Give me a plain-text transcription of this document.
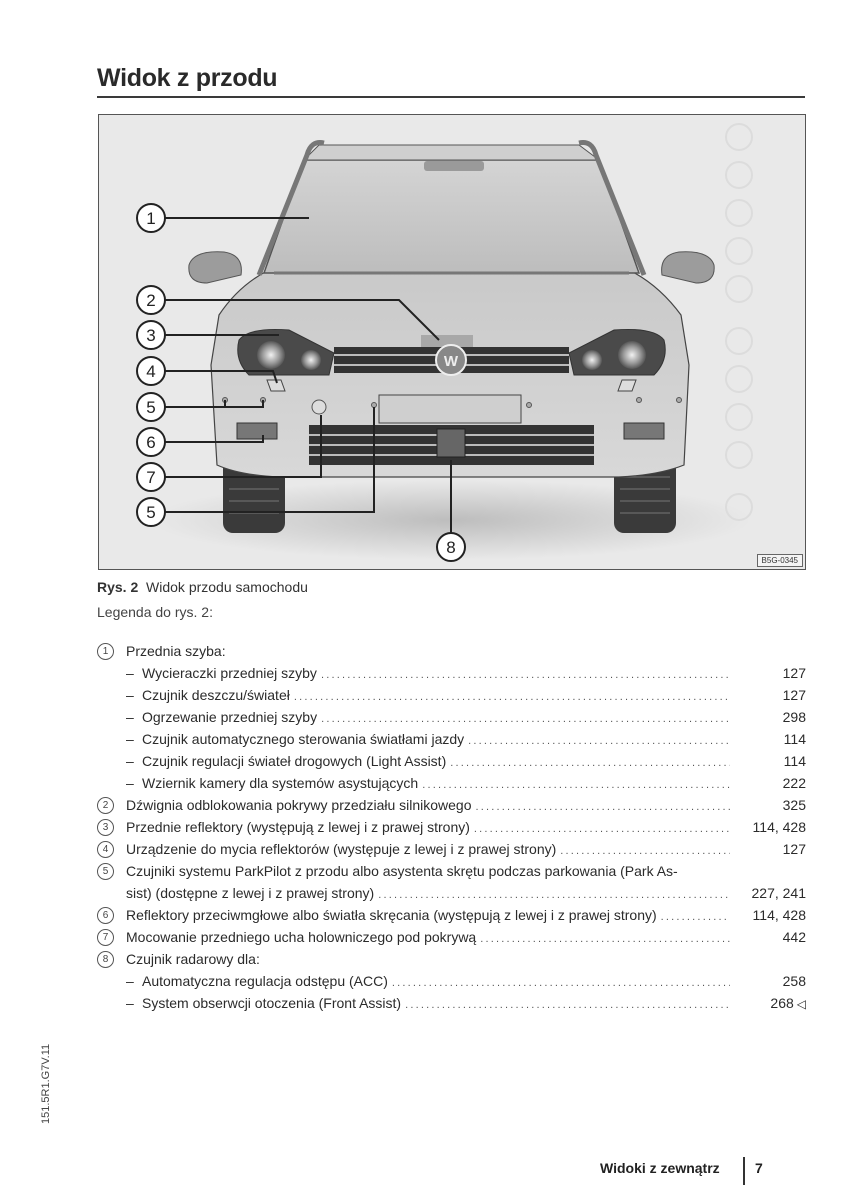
Widok z przodu
W
1
2
3
4
5
6
7
5
8
B5G-0345
Rys. 2 Widok przodu samochodu
Legenda do rys. 2:
1	Przednia szyba:
– Wycieraczki przedniej szyby .....	127
– Czujnik deszczu/świateł .....	127
– Ogrzewanie przedniej szyby .....	298
– Czujnik automatycznego sterowania światłami jazdy .....	114
– Czujnik regulacji świateł drogowych (Light Assist) .....	114
– Wziernik kamery dla systemów asystujących .....	222
2	Dźwignia odblokowania pokrywy przedziału silnikowego .....	325
3	Przednie reflektory (występują z lewej i z prawej strony) .....	114, 428
4	Urządzenie do mycia reflektorów (występuje z lewej i z prawej strony) .....	127
5	Czujniki systemu ParkPilot z przodu albo asystenta skrętu podczas parkowania (Park As-
sist) (dostępne z lewej i z prawej strony) .....	227, 241
6	Reflektory przeciwmgłowe albo światła skręcania (występują z lewej i z prawej strony) .....	114, 428
7	Mocowanie przedniego ucha holowniczego pod pokrywą .....	442
8	Czujnik radarowy dla:
– Automatyczna regulacja odstępu (ACC) .....	258
– System obserwcji otoczenia (Front Assist) .....	268 ◁
151.5R1.G7V.11
Widoki z zewnątrz	7
